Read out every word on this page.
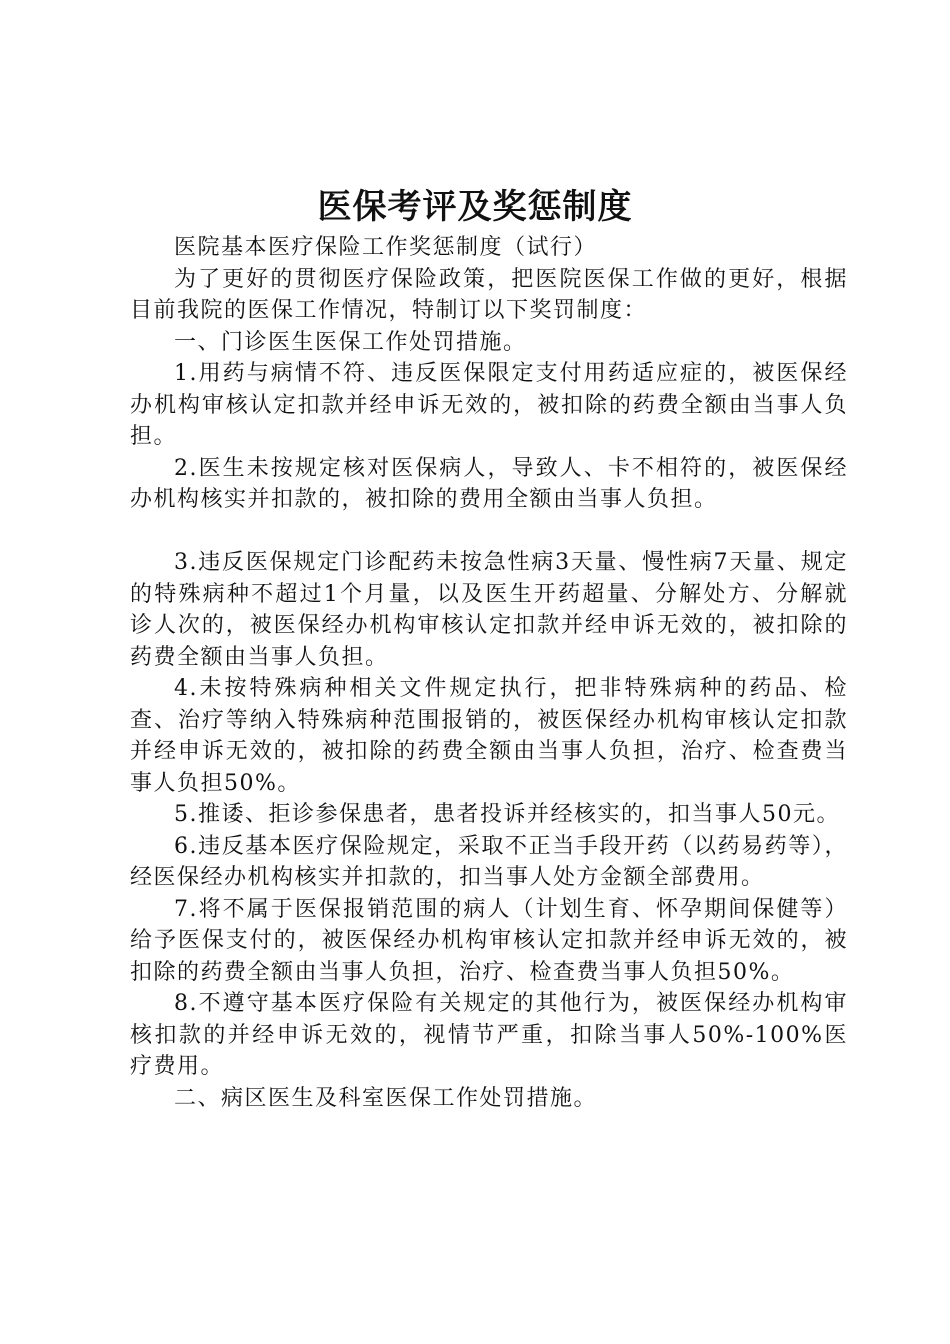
医保考评及奖惩制度

医院基本医疗保险工作奖惩制度（试行）

为了更好的贯彻医疗保险政策，把医院医保工作做的更好，根据目前我院的医保工作情况，特制订以下奖罚制度：

一、门诊医生医保工作处罚措施。

1.用药与病情不符、违反医保限定支付用药适应症的，被医保经办机构审核认定扣款并经申诉无效的，被扣除的药费全额由当事人负担。

2.医生未按规定核对医保病人，导致人、卡不相符的，被医保经办机构核实并扣款的，被扣除的费用全额由当事人负担。

3.违反医保规定门诊配药未按急性病3天量、慢性病7天量、规定的特殊病种不超过1个月量，以及医生开药超量、分解处方、分解就诊人次的，被医保经办机构审核认定扣款并经申诉无效的，被扣除的药费全额由当事人负担。

4.未按特殊病种相关文件规定执行，把非特殊病种的药品、检查、治疗等纳入特殊病种范围报销的，被医保经办机构审核认定扣款并经申诉无效的，被扣除的药费全额由当事人负担，治疗、检查费当事人负担50%。

5.推诿、拒诊参保患者，患者投诉并经核实的，扣当事人50元。

6.违反基本医疗保险规定，采取不正当手段开药（以药易药等），经医保经办机构核实并扣款的，扣当事人处方金额全部费用。

7.将不属于医保报销范围的病人（计划生育、怀孕期间保健等）给予医保支付的，被医保经办机构审核认定扣款并经申诉无效的，被扣除的药费全额由当事人负担，治疗、检查费当事人负担50%。

8.不遵守基本医疗保险有关规定的其他行为，被医保经办机构审核扣款的并经申诉无效的，视情节严重，扣除当事人50%-100%医疗费用。

二、病区医生及科室医保工作处罚措施。
